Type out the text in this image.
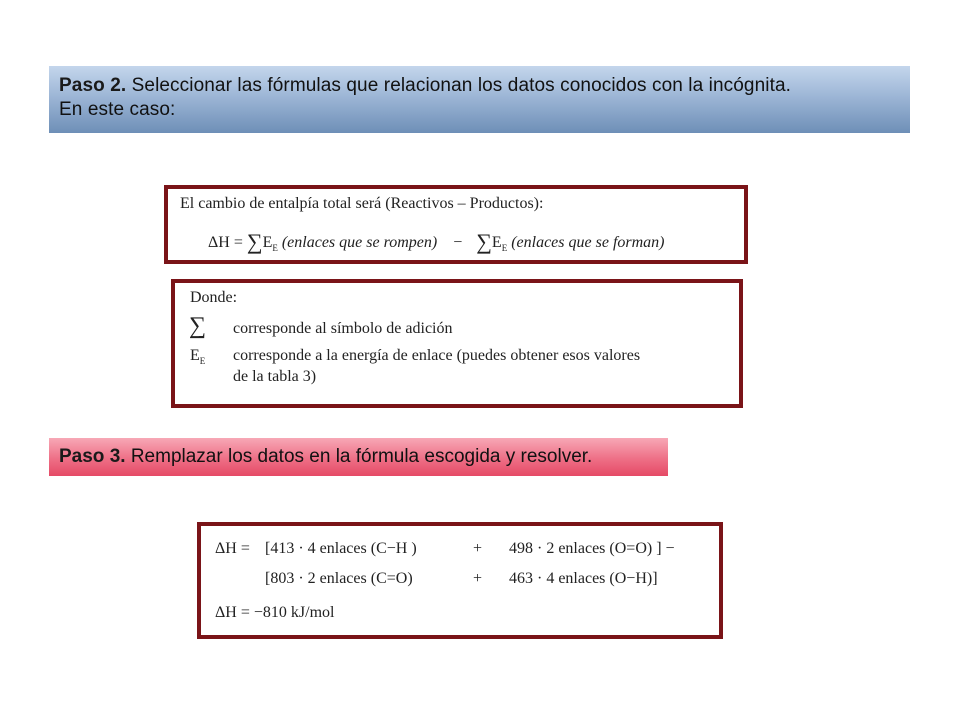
Paso 2. Seleccionar las fórmulas que relacionan los datos conocidos con la incógnita.
En este caso:
El cambio de entalpía total será (Reactivos – Productos):
$\Delta H = \sum E_E$ (enlaces que se rompen) − $\sum E_E$ (enlaces que se forman)
Donde:
∑ corresponde al símbolo de adición
$E_E$ corresponde a la energía de enlace (puedes obtener esos valores
de la tabla 3)
Paso 3. Remplazar los datos en la fórmula escogida y resolver.
ΔH = [413 · 4 enlaces (C−H )	+ 498 · 2 enlaces (O=O) ] −
[803 · 2 enlaces (C=O)	+ 463 · 4 enlaces (O−H)]
ΔH = −810 kJ/mol
